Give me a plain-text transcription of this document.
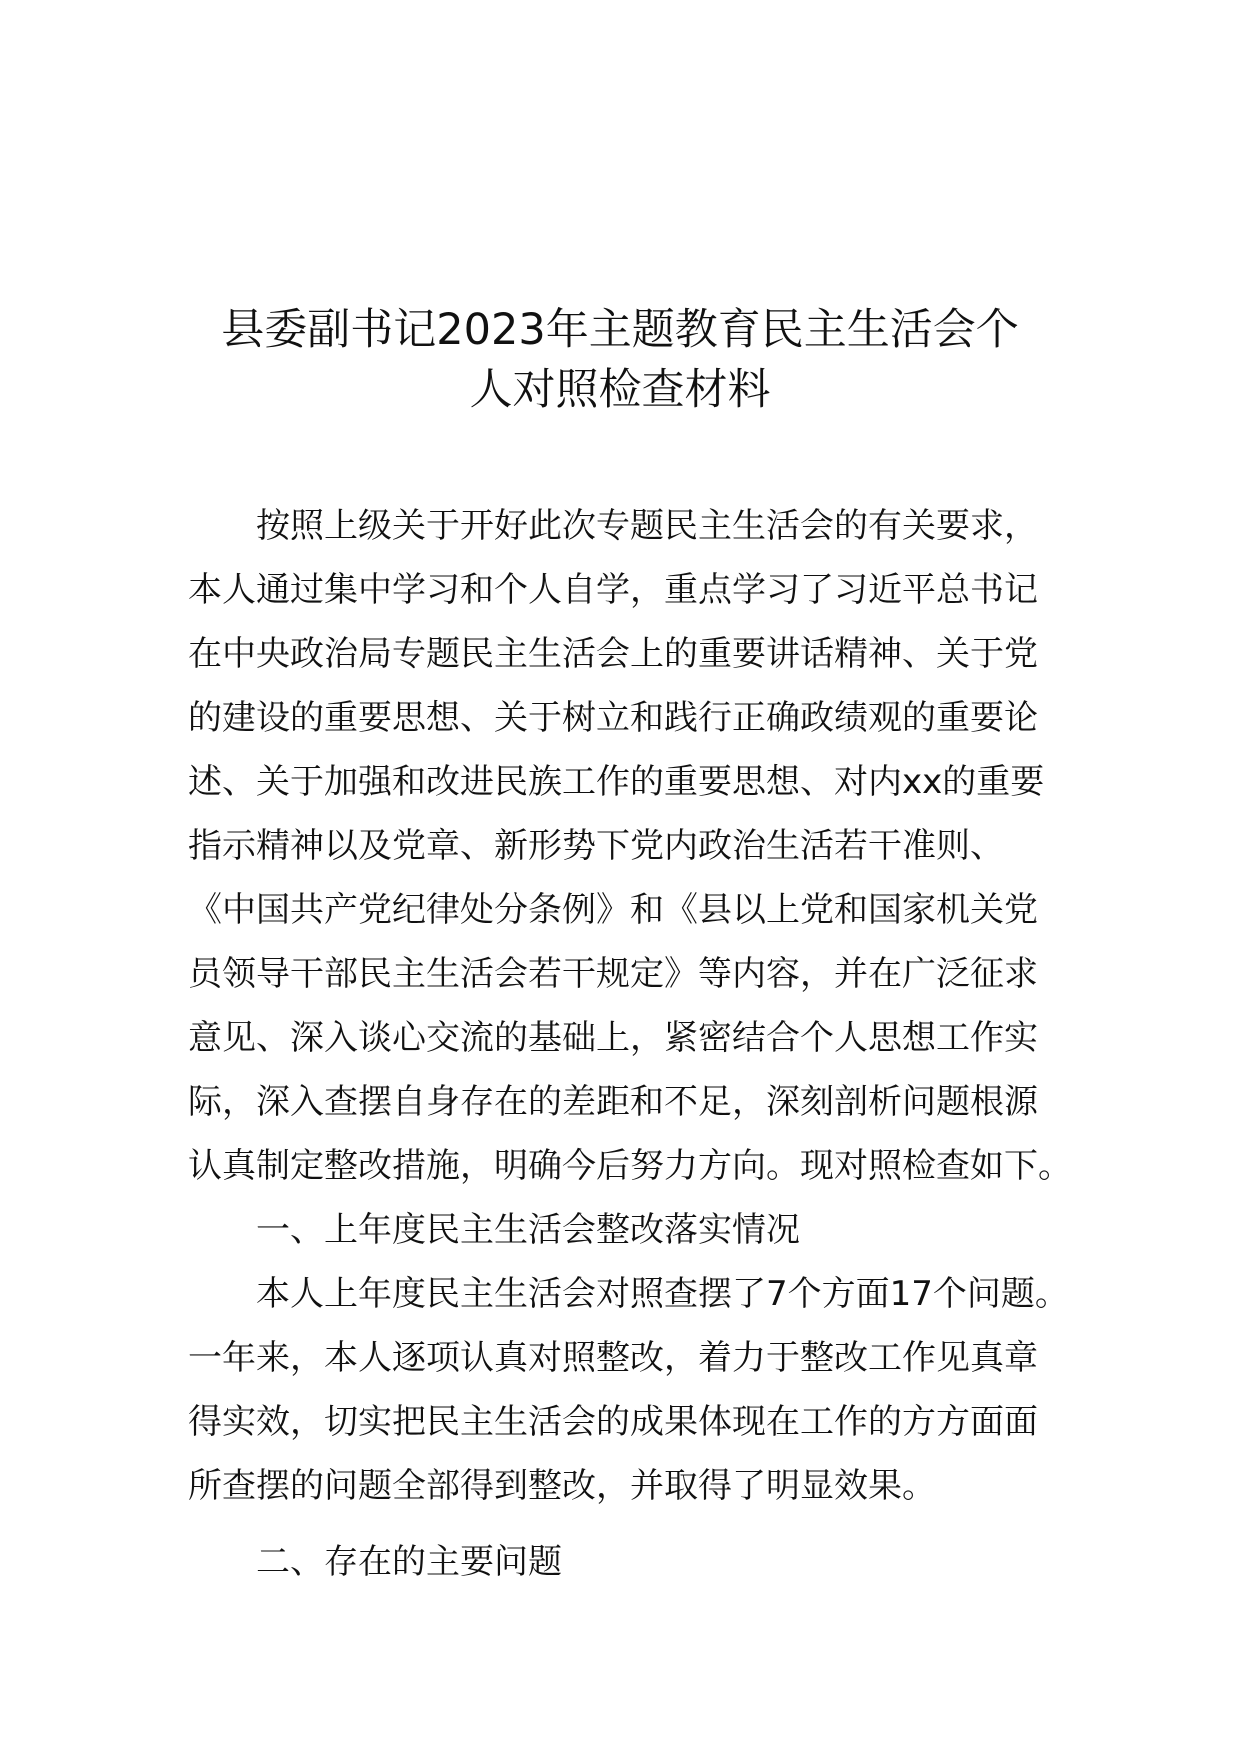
县委副书记2023年主题教育民主生活会个
人对照检查材料
按照上级关于开好此次专题民主生活会的有关要求，
本人通过集中学习和个人自学，重点学习了习近平总书记
在中央政治局专题民主生活会上的重要讲话精神、关于党
的建设的重要思想、关于树立和践行正确政绩观的重要论
述、关于加强和改进民族工作的重要思想、对内xx的重要
指示精神以及党章、新形势下党内政治生活若干准则、
《中国共产党纪律处分条例》和《县以上党和国家机关党
员领导干部民主生活会若干规定》等内容，并在广泛征求
意见、深入谈心交流的基础上，紧密结合个人思想工作实
际，深入查摆自身存在的差距和不足，深刻剖析问题根源
认真制定整改措施，明确今后努力方向。现对照检查如下。
一、上年度民主生活会整改落实情况
本人上年度民主生活会对照查摆了7个方面17个问题。
一年来，本人逐项认真对照整改，着力于整改工作见真章
得实效，切实把民主生活会的成果体现在工作的方方面面
所查摆的问题全部得到整改，并取得了明显效果。
二、存在的主要问题
